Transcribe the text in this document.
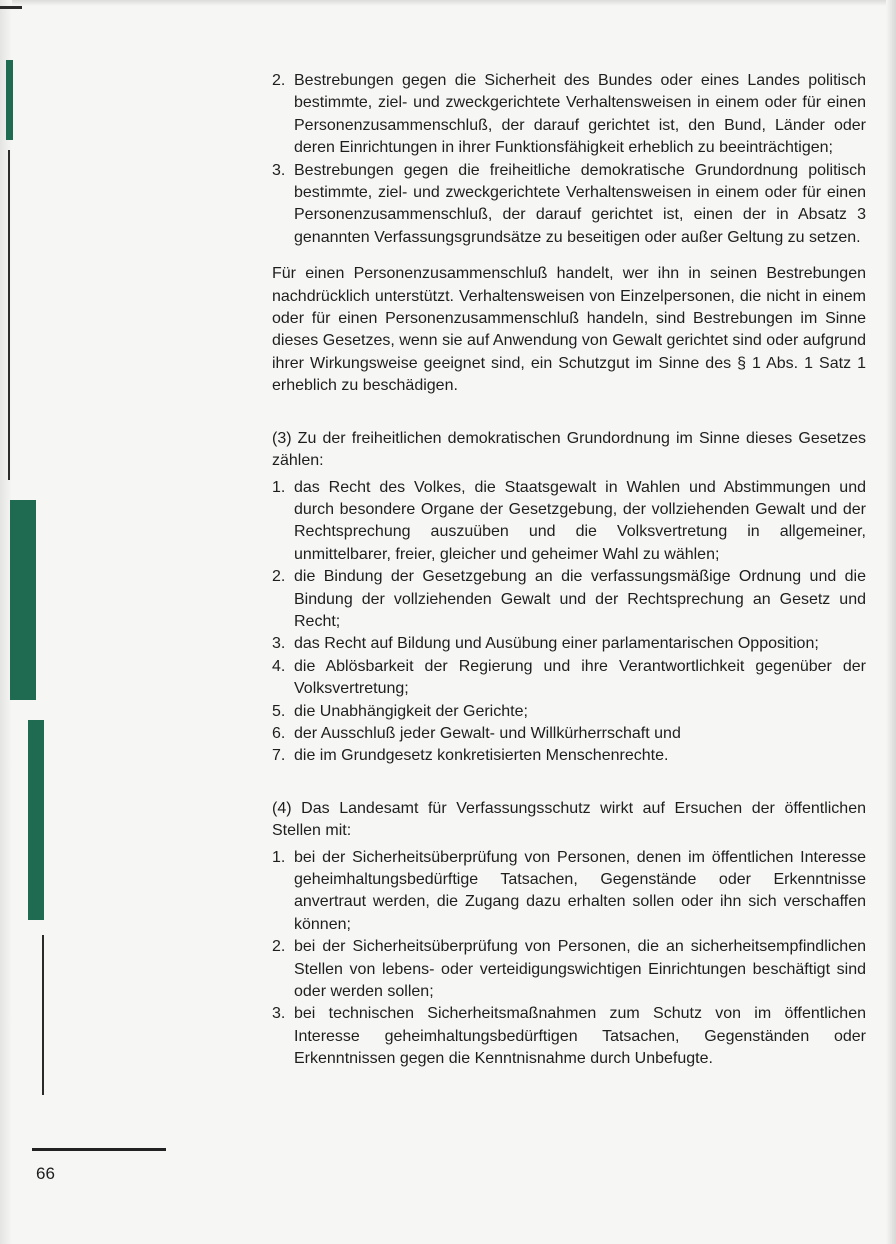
2. Bestrebungen gegen die Sicherheit des Bundes oder eines Landes politisch bestimmte, ziel- und zweckgerichtete Verhaltensweisen in einem oder für einen Personenzusammenschluß, der darauf gerichtet ist, den Bund, Länder oder deren Einrichtungen in ihrer Funktionsfähigkeit erheblich zu beeinträchtigen;
3. Bestrebungen gegen die freiheitliche demokratische Grundordnung politisch bestimmte, ziel- und zweckgerichtete Verhaltensweisen in einem oder für einen Personenzusammenschluß, der darauf gerichtet ist, einen der in Absatz 3 genannten Verfassungsgrundsätze zu beseitigen oder außer Geltung zu setzen.

Für einen Personenzusammenschluß handelt, wer ihn in seinen Bestrebungen nachdrücklich unterstützt. Verhaltensweisen von Einzelpersonen, die nicht in einem oder für einen Personenzusammenschluß handeln, sind Bestrebungen im Sinne dieses Gesetzes, wenn sie auf Anwendung von Gewalt gerichtet sind oder aufgrund ihrer Wirkungsweise geeignet sind, ein Schutzgut im Sinne des § 1 Abs. 1 Satz 1 erheblich zu beschädigen.

(3) Zu der freiheitlichen demokratischen Grundordnung im Sinne dieses Gesetzes zählen:

1. das Recht des Volkes, die Staatsgewalt in Wahlen und Abstimmungen und durch besondere Organe der Gesetzgebung, der vollziehenden Gewalt und der Rechtsprechung auszuüben und die Volksvertretung in allgemeiner, unmittelbarer, freier, gleicher und geheimer Wahl zu wählen;
2. die Bindung der Gesetzgebung an die verfassungsmäßige Ordnung und die Bindung der vollziehenden Gewalt und der Rechtsprechung an Gesetz und Recht;
3. das Recht auf Bildung und Ausübung einer parlamentarischen Opposition;
4. die Ablösbarkeit der Regierung und ihre Verantwortlichkeit gegenüber der Volksvertretung;
5. die Unabhängigkeit der Gerichte;
6. der Ausschluß jeder Gewalt- und Willkürherrschaft und
7. die im Grundgesetz konkretisierten Menschenrechte.

(4) Das Landesamt für Verfassungsschutz wirkt auf Ersuchen der öffentlichen Stellen mit:

1. bei der Sicherheitsüberprüfung von Personen, denen im öffentlichen Interesse geheimhaltungsbedürftige Tatsachen, Gegenstände oder Erkenntnisse anvertraut werden, die Zugang dazu erhalten sollen oder ihn sich verschaffen können;
2. bei der Sicherheitsüberprüfung von Personen, die an sicherheitsempfindlichen Stellen von lebens- oder verteidigungswichtigen Einrichtungen beschäftigt sind oder werden sollen;
3. bei technischen Sicherheitsmaßnahmen zum Schutz von im öffentlichen Interesse geheimhaltungsbedürftigen Tatsachen, Gegenständen oder Erkenntnissen gegen die Kenntnisnahme durch Unbefugte.
66
